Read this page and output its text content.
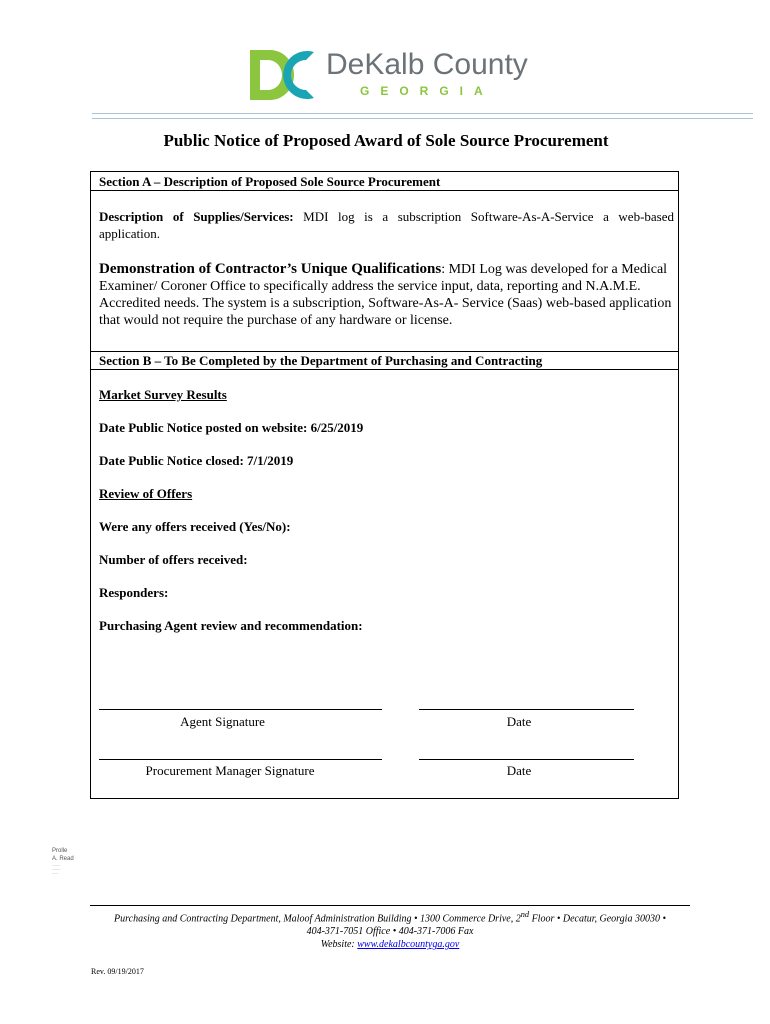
DeKalb County
GEORGIA
Public Notice of Proposed Award of Sole Source Procurement
Section A – Description of Proposed Sole Source Procurement
Description of Supplies/Services: MDI log is a subscription Software-As-A-Service a web-based application.
Demonstration of Contractor’s Unique Qualifications: MDI Log was developed for a Medical Examiner/ Coroner Office to specifically address the service input, data, reporting and N.A.M.E. Accredited needs. The system is a subscription, Software-As-A- Service (Saas) web-based application that would not require the purchase of any hardware or license.
Section B – To Be Completed by the Department of Purchasing and Contracting
Market Survey Results
Date Public Notice posted on website: 6/25/2019
Date Public Notice closed: 7/1/2019
Review of Offers
Were any offers received (Yes/No):
Number of offers received:
Responders:
Purchasing Agent review and recommendation:
Agent Signature	Date
Procurement Manager Signature	Date
Prolle
A. Read
────
────
───
Purchasing and Contracting Department, Maloof Administration Building • 1300 Commerce Drive, 2nd Floor • Decatur, Georgia 30030 •
404-371-7051 Office • 404-371-7006 Fax
Website: www.dekalbcountyga.gov
Rev. 09/19/2017
